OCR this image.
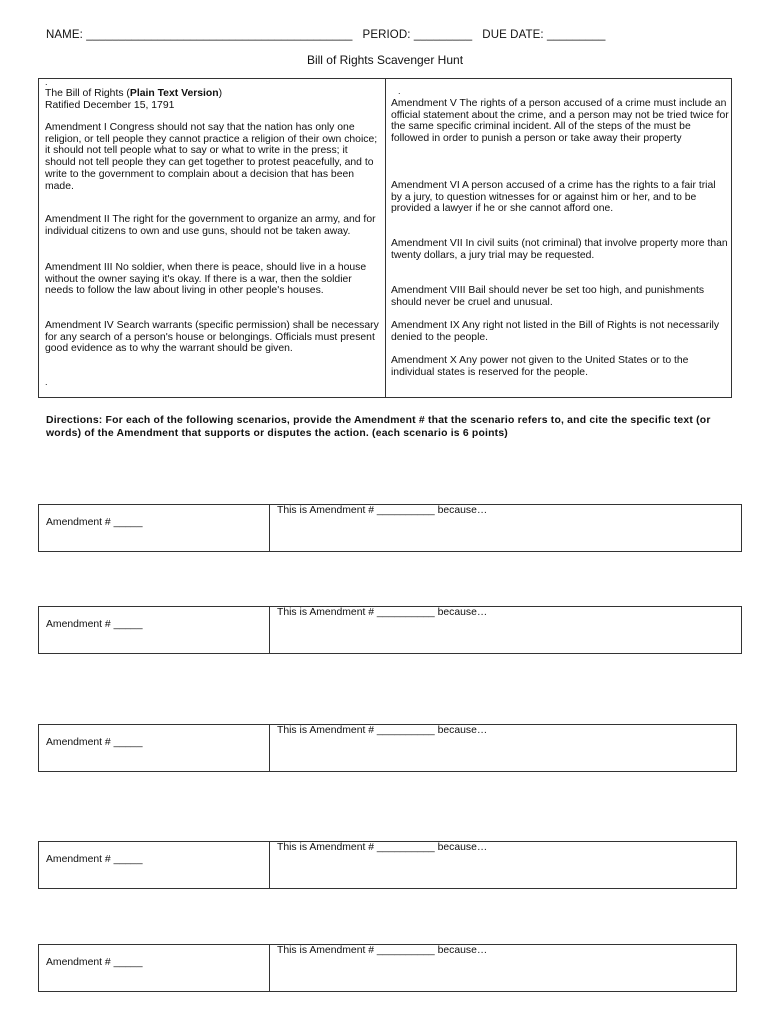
NAME: _________________________________________ PERIOD: _________ DUE DATE: _________
Bill of Rights Scavenger Hunt
.

The Bill of Rights (Plain Text Version)

Ratified December 15, 1791

Amendment I Congress should not say that the nation has only one religion, or tell people they cannot practice a religion of their own choice; it should not tell people what to say or what to write in the press; it should not tell people they can get together to protest peacefully, and to write to the government to complain about a decision that has been made.

Amendment II The right for the government to organize an army, and for individual citizens to own and use guns, should not be taken away.

Amendment III No soldier, when there is peace, should live in a house without the owner saying it's okay. If there is a war, then the soldier needs to follow the law about living in other people's houses.

Amendment IV Search warrants (specific permission) shall be necessary for any search of a person's house or belongings. Officials must present good evidence as to why the warrant should be given.

.
.

Amendment V The rights of a person accused of a crime must include an official statement about the crime, and a person may not be tried twice for the same specific criminal incident. All of the steps of the must be followed in order to punish a person or take away their property

Amendment VI A person accused of a crime has the rights to a fair trial by a jury, to question witnesses for or against him or her, and to be provided a lawyer if he or she cannot afford one.

Amendment VII In civil suits (not criminal) that involve property more than twenty dollars, a jury trial may be requested.

Amendment VIII Bail should never be set too high, and punishments should never be cruel and unusual.

Amendment IX Any right not listed in the Bill of Rights is not necessarily denied to the people.

Amendment X Any power not given to the United States or to the individual states is reserved for the people.

Directions: For each of the following scenarios, provide the Amendment # that the scenario refers to, and cite the specific text (or words) of the Amendment that supports or disputes the action. (each scenario is 6 points)
Amendment # _____
This is Amendment # __________ because…
Amendment # _____
This is Amendment # __________ because…
Amendment # _____
This is Amendment # __________ because…
Amendment # _____
This is Amendment # __________ because…
Amendment # _____
This is Amendment # __________ because…
